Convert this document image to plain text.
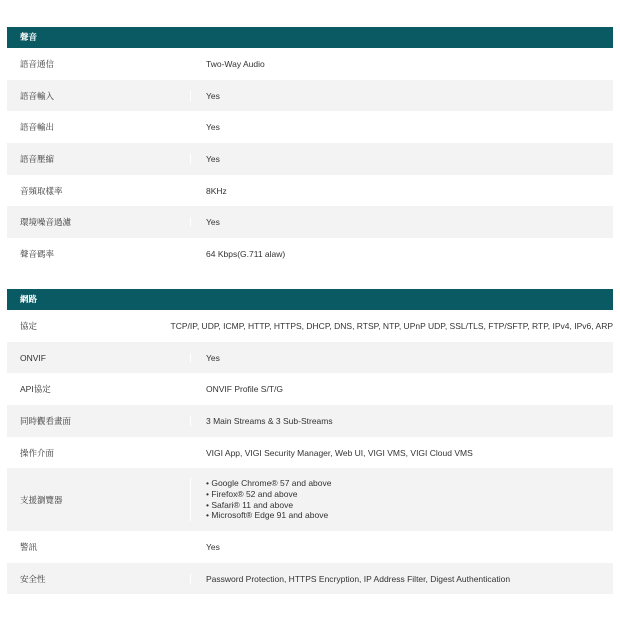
聲音
語音通信	Two-Way Audio
語音輸入	Yes
語音輸出	Yes
語音壓縮	Yes
音頻取樣率	8KHz
環境噪音過濾	Yes
聲音碼率	64 Kbps(G.711 alaw)
網路
協定	TCP/IP, UDP, ICMP, HTTP, HTTPS, DHCP, DNS, RTSP, NTP, UPnP UDP, SSL/TLS, FTP/SFTP, RTP, IPv4, IPv6, ARP
ONVIF	Yes
API協定	ONVIF Profile S/T/G
同時觀看畫面	3 Main Streams & 3 Sub-Streams
操作介面	VIGI App, VIGI Security Manager, Web UI, VIGI VMS, VIGI Cloud VMS
支援瀏覽器
• Google Chrome® 57 and above
• Firefox® 52 and above
• Safari® 11 and above
• Microsoft® Edge 91 and above
警訊	Yes
安全性	Password Protection, HTTPS Encryption, IP Address Filter, Digest Authentication
